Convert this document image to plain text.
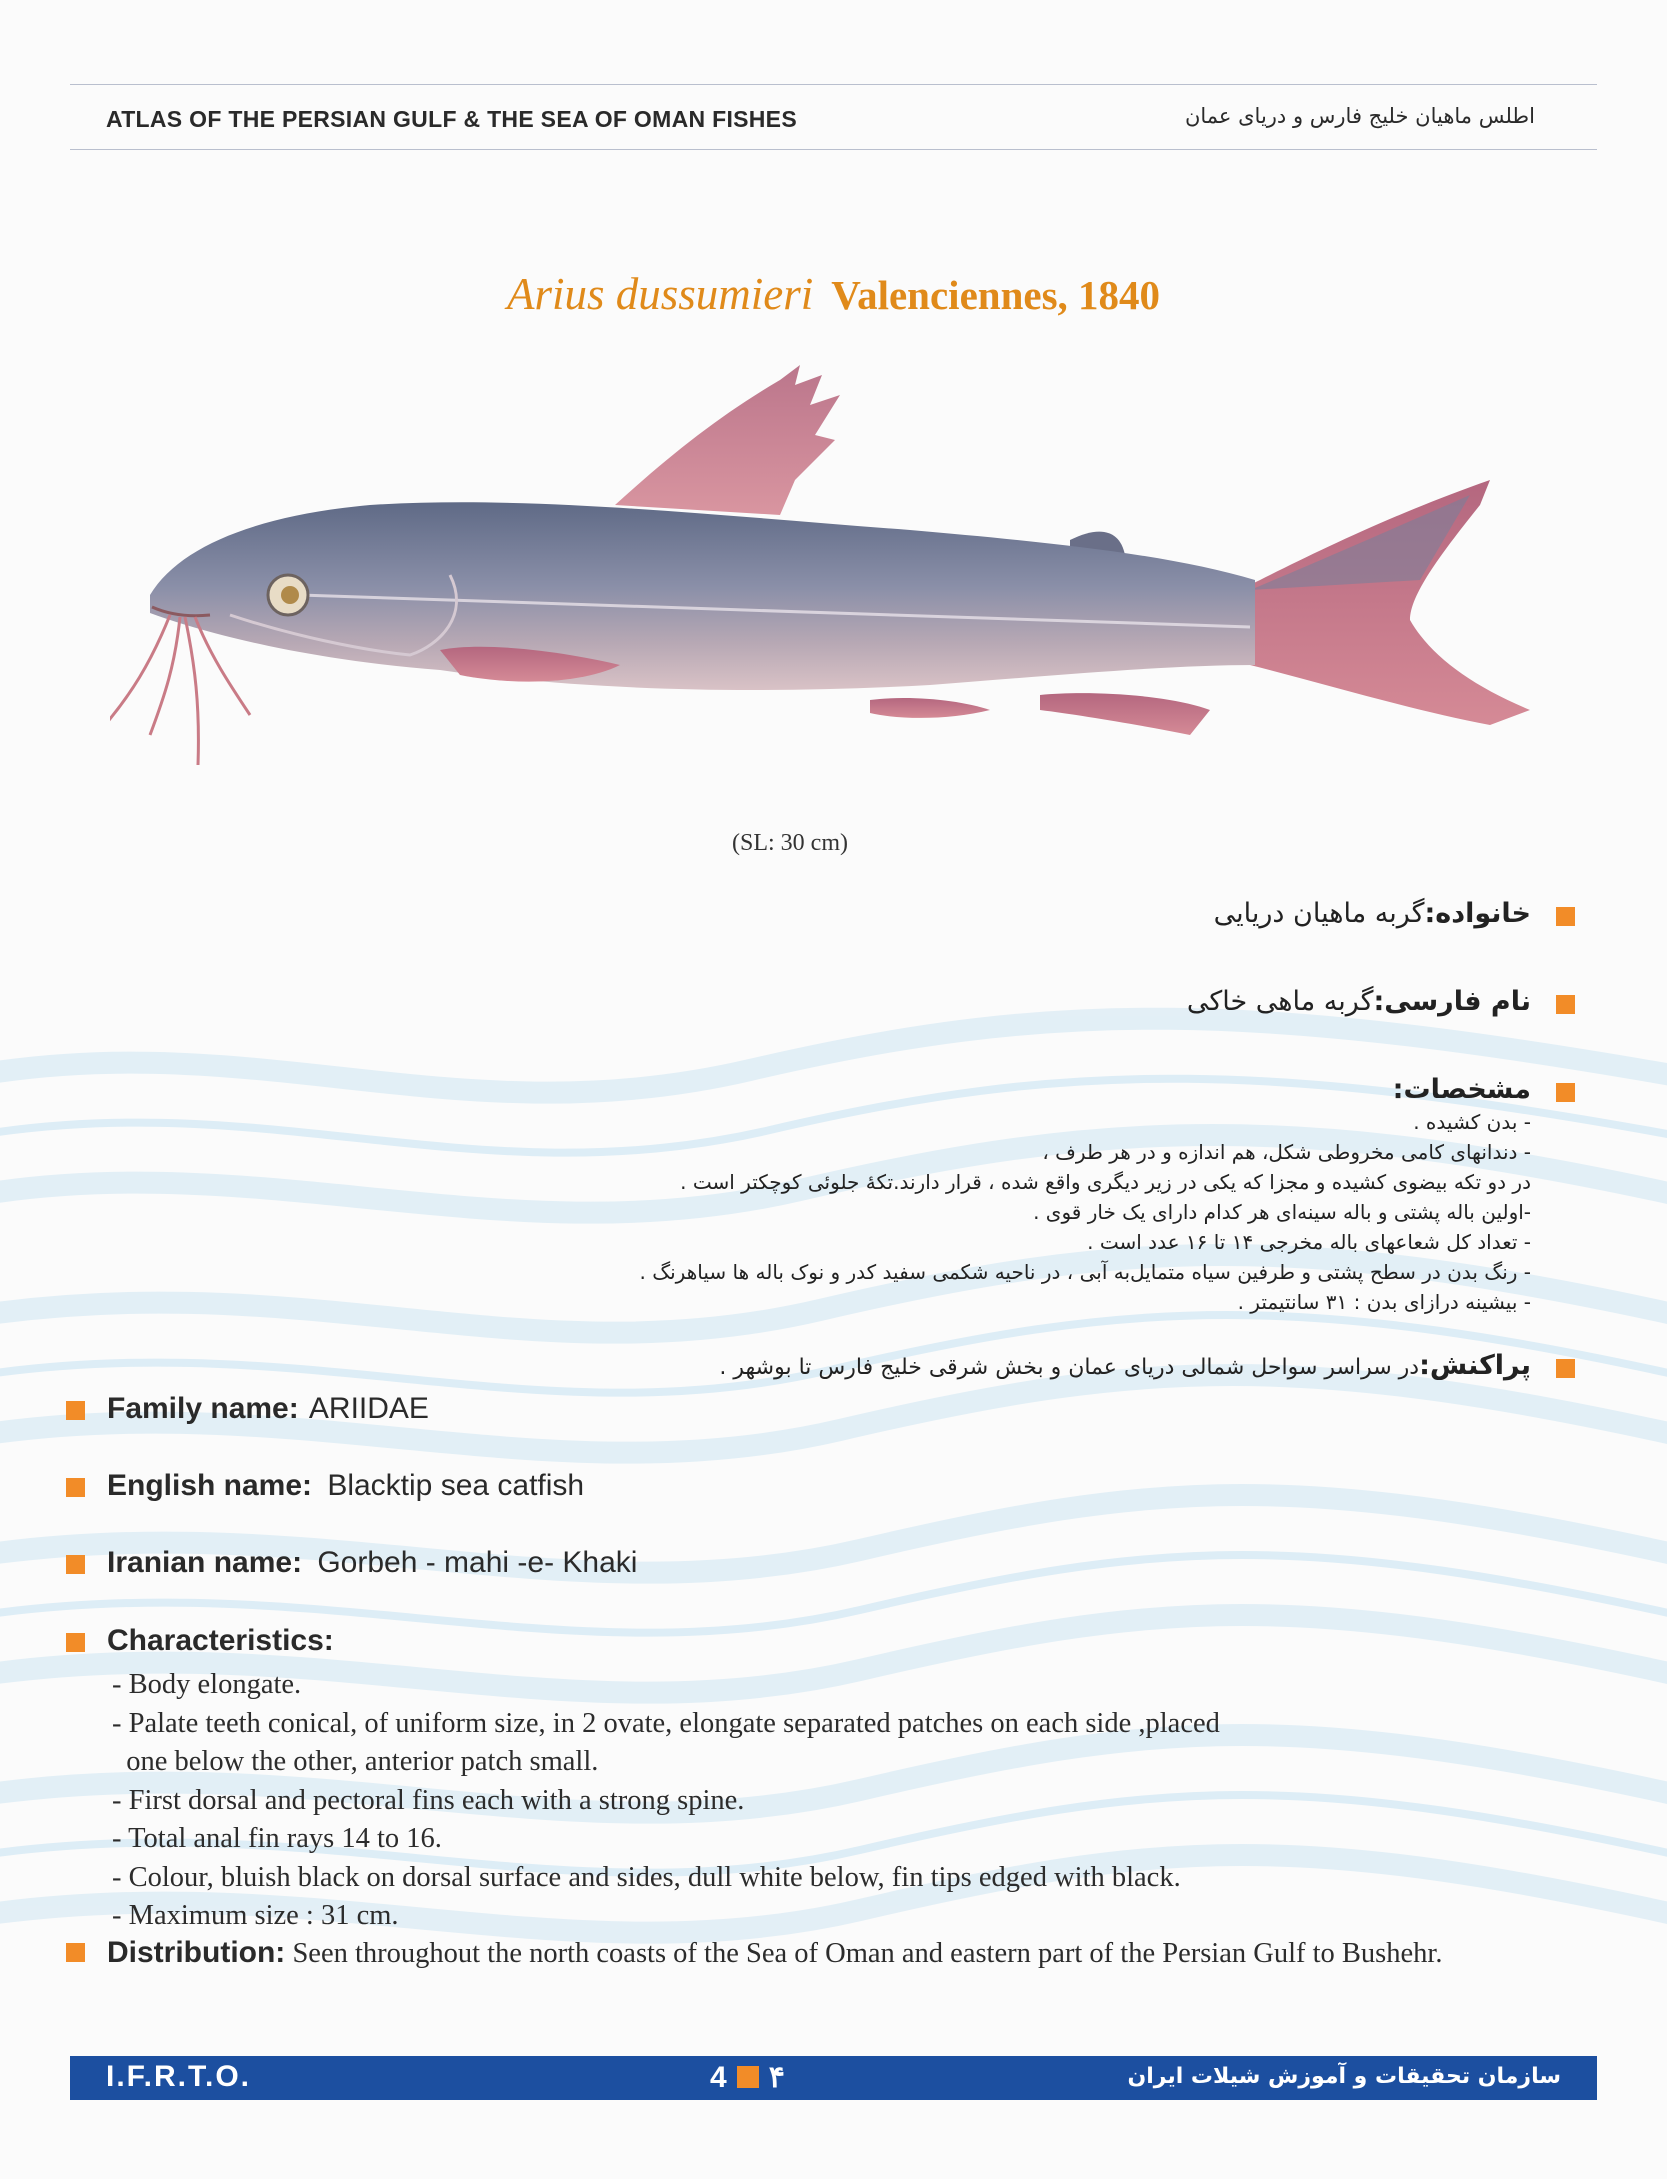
ATLAS OF THE PERSIAN GULF & THE SEA OF OMAN FISHES	اطلس ماهیان خلیج فارس و دریای عمان
Arius dussumieri Valenciennes, 1840
(SL: 30 cm)
خانواده:گربه ماهیان دریایی
نام فارسی:گربه ماهی خاکی
مشخصات:
- بدن کشیده .
- دندانهای کامی مخروطی شکل، هم اندازه و در هر طرف ،
در دو تکه بیضوی کشیده و مجزا که یکی در زیر دیگری واقع شده ، قرار دارند.تکهٔ جلوئی کوچکتر است .
-اولین باله پشتی و باله سینه‌ای هر کدام دارای یک خار قوی .
- تعداد کل شعاعهای باله مخرجی ۱۴ تا ۱۶ عدد است .
- رنگ بدن در سطح پشتی و طرفین سیاه متمایل‌به آبی ، در ناحیه شکمی سفید کدر و نوک باله ها سیاهرنگ .
- بیشینه درازای بدن : ۳۱ سانتیمتر .
پراکنش:در سراسر سواحل شمالی دریای عمان و بخش شرقی خلیج فارس تا بوشهر .
Family name: ARIIDAE
English name: Blacktip sea catfish
Iranian name: Gorbeh - mahi -e- Khaki
Characteristics:
- Body elongate.
- Palate teeth conical, of uniform size, in 2 ovate, elongate separated patches on each side ,placed
one below the other, anterior patch small.
- First dorsal and pectoral fins each with a strong spine.
- Total anal fin rays 14 to 16.
- Colour, bluish black on dorsal surface and sides, dull white below, fin tips edged with black.
- Maximum size : 31 cm.
Distribution: Seen throughout the north coasts of the Sea of Oman and eastern part of the Persian Gulf to Bushehr.
I.F.R.T.O.	4 ۴	سازمان تحقیقات و آموزش شیلات ایران
